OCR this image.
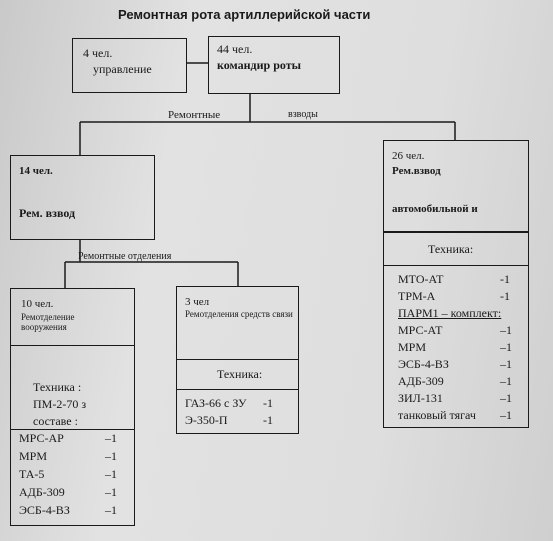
Ремонтная рота артиллерийской части
4 чел.
управление
44 чел.
командир роты
Ремонтные	взводы
14 чел.
Рем. взвод
26 чел.
Рем.взвод
автомобильной и
Техника:
МТО-АТ	-1
ТРМ-А	-1
ПАРМ1 – комплект:
МРС-АТ	–1
МРМ	–1
ЭСБ-4-ВЗ	–1
АДБ-309	–1
ЗИЛ-131	–1
танковый тягач –1
Ремонтные отделения
10 чел.
Ремотделение вооружения
Техника :
ПМ-2-70 з
составе :
МРС-АР	–1
МРМ	–1
ТА-5	–1
АДБ-309	–1
ЭСБ-4-ВЗ	–1
3 чел
Ремотделения средств связи
Техника:
ГАЗ-66 с ЗУ -1
Э-350-П	-1
